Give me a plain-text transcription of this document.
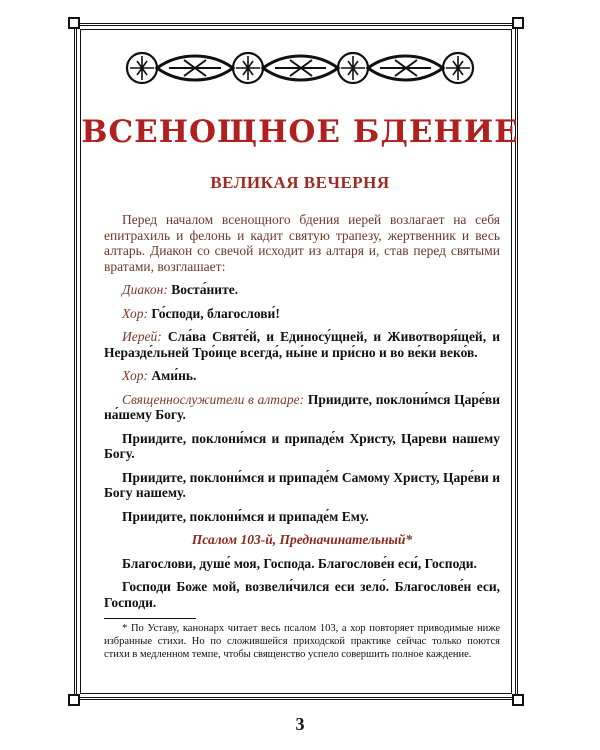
ВСЕНОЩНОЕ БДЕНИЕ
ВЕЛИКАЯ ВЕЧЕРНЯ

Перед началом всенощного бдения иерей возлагает на себя епитрахиль и фелонь и кадит святую трапезу, жертвенник и весь алтарь. Диакон со свечой исходит из алтаря и, став перед святыми вратами, возглашает:

Диакон: Воста́ните.

Хор: Го́споди, благослови́!

Иерей: Сла́ва Святе́й, и Единосу́щней, и Животворя́щей, и Неразде́льней Тро́ице всегда́, ны́не и при́сно и во ве́ки веко́в.

Хор: Ами́нь.

Священнослужители в алтаре: Приидите, поклони́мся Царе́ви на́шему Богу.

Приидите, поклони́мся и припаде́м Христу, Цареви нашему Богу.

Приидите, поклони́мся и припаде́м Самому Христу, Царе́ви и Богу нашему.

Приидите, поклони́мся и припаде́м Ему.

Псалом 103-й, Предначинательный*

Благослови, душе́ моя, Господа. Благослове́н еси́, Господи.

Господи Боже мой, возвели́чился еси зело́. Благослове́н еси, Господи.

* По Уставу, канонарх читает весь псалом 103, а хор повторяет приводимые ниже избранные стихи. Но по сложившейся приходской практике сейчас только поются стихи в медленном темпе, чтобы священство успело совершить полное каждение.

3
